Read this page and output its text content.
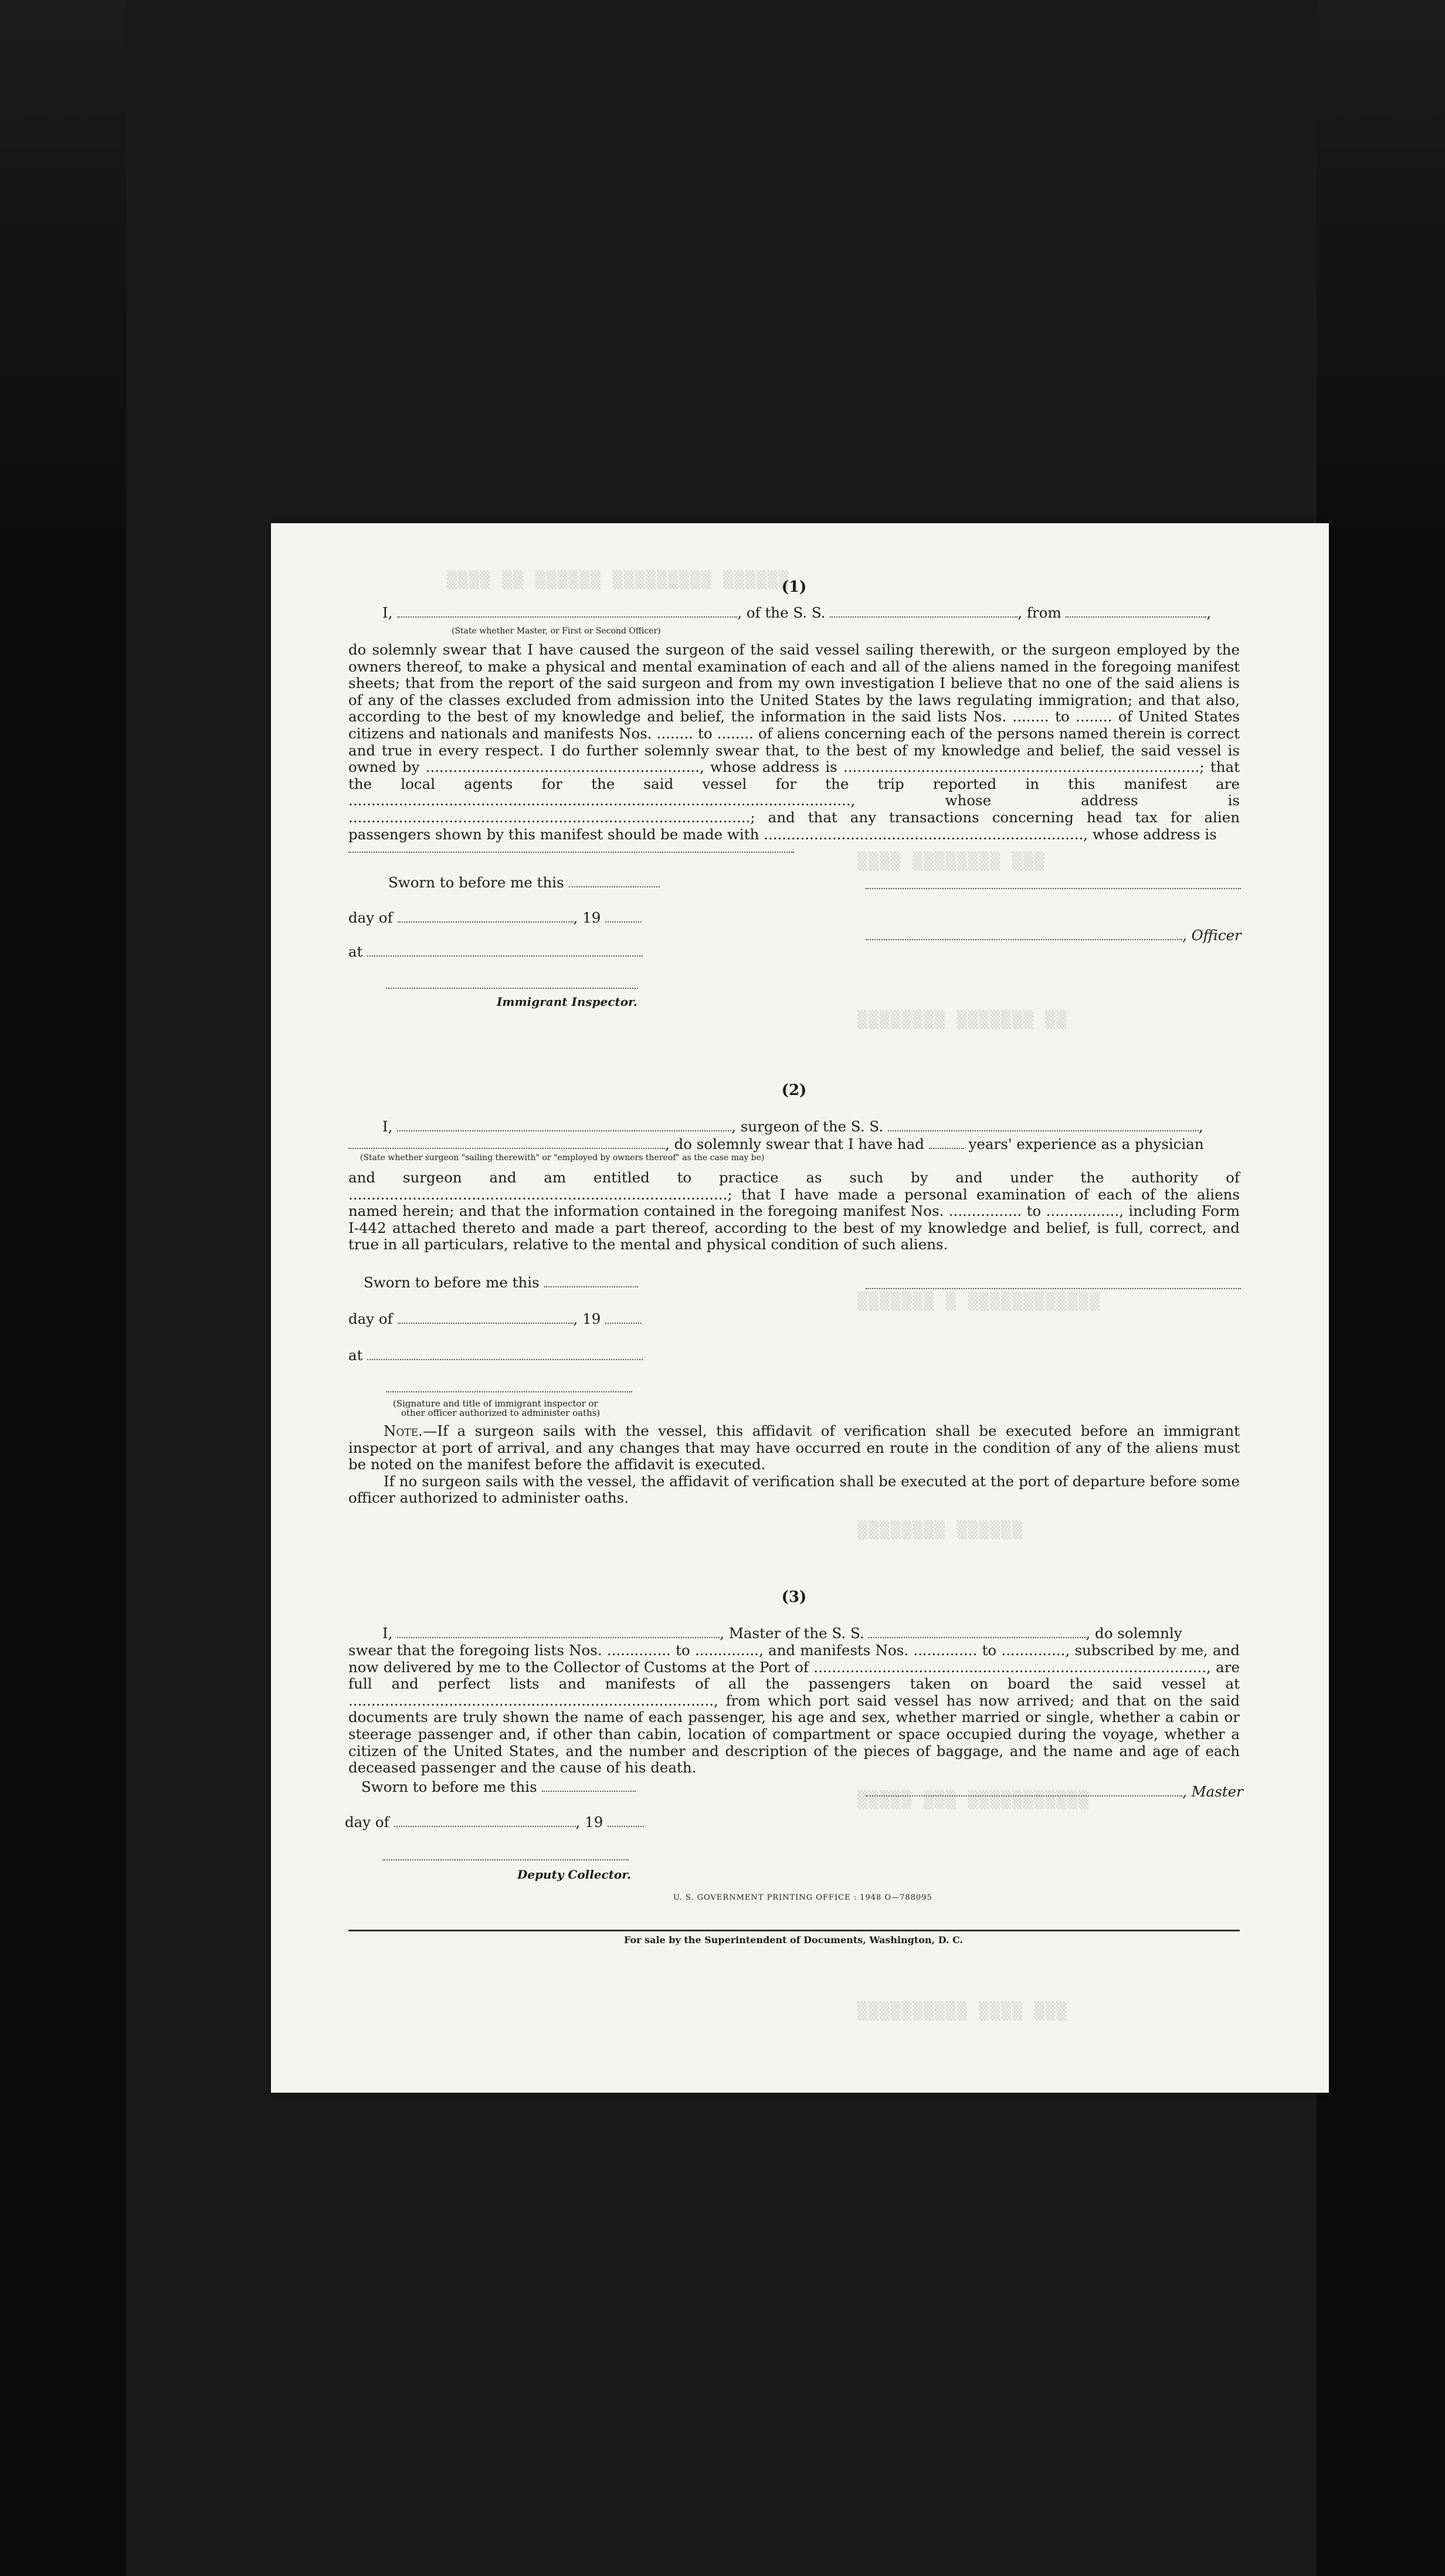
▒▒▒▒ ▒▒ ▒▒▒▒▒▒ ▒▒▒▒▒▒▒▒▒ ▒▒▒▒▒▒
▒▒▒▒ ▒▒▒▒▒▒▒▒ ▒▒▒
▒▒▒▒▒▒▒▒ ▒▒▒▒▒▒▒ ▒▒
▒▒▒▒▒▒▒ ▒ ▒▒▒▒▒▒▒▒▒▒▒▒
▒▒▒▒▒▒▒▒ ▒▒▒▒▒▒
▒▒▒▒▒ ▒▒▒ ▒▒▒▒▒▒▒▒▒▒▒
▒▒▒▒▒▒▒▒▒▒ ▒▒▒▒ ▒▒▒
(1)
I,	, of the S. S.	, from	,
(State whether Master, or First or Second Officer)

do solemnly swear that I have caused the surgeon of the said vessel sailing therewith, or the surgeon employed by the owners thereof, to make a physical and mental examination of each and all of the aliens named in the foregoing manifest sheets; that from the report of the said surgeon and from my own investigation I believe that no one of the said aliens is of any of the classes excluded from admission into the United States by the laws regulating immigration; and that also, according to the best of my knowledge and belief, the information in the said lists Nos. ........ to ........ of United States citizens and nationals and manifests Nos. ........ to ........ of aliens concerning each of the persons named therein is correct and true in every respect. I do further solemnly swear that, to the best of my knowledge and belief, the said vessel is owned by ............................................................, whose address is ..............................................................................; that the local agents for the said vessel for the trip reported in this manifest are .............................................................................................................., whose address is ........................................................................................; and that any transactions concerning head tax for alien passengers shown by this manifest should be made with ......................................................................, whose address is

Sworn to before me this
day of	, 19
, Officer
at
Immigrant Inspector.
(2)
I,	, surgeon of the S. S.	,
, do solemnly swear that I have had	years' experience as a physician
(State whether surgeon "sailing therewith" or "employed by owners thereof" as the case may be)

and surgeon and am entitled to practice as such by and under the authority of ...................................................................................; that I have made a personal examination of each of the aliens named herein; and that the information contained in the foregoing manifest Nos. ................ to ................, including Form I-442 attached thereto and made a part thereof, according to the best of my knowledge and belief, is full, correct, and true in all particulars, relative to the mental and physical condition of such aliens.

Sworn to before me this
day of	, 19
at
(Signature and title of immigrant inspector or
other officer authorized to administer oaths)

Note.—If a surgeon sails with the vessel, this affidavit of verification shall be executed before an immigrant inspector at port of arrival, and any changes that may have occurred en route in the condition of any of the aliens must be noted on the manifest before the affidavit is executed.

If no surgeon sails with the vessel, the affidavit of verification shall be executed at the port of departure before some officer authorized to administer oaths.

(3)
I,	, Master of the S. S.	, do solemnly

swear that the foregoing lists Nos. .............. to .............., and manifests Nos. .............. to .............., subscribed by me, and now delivered by me to the Collector of Customs at the Port of ......................................................................................, are full and perfect lists and manifests of all the passengers taken on board the said vessel at ................................................................................, from which port said vessel has now arrived; and that on the said documents are truly shown the name of each passenger, his age and sex, whether married or single, whether a cabin or steerage passenger and, if other than cabin, location of compartment or space occupied during the voyage, whether a citizen of the United States, and the number and description of the pieces of baggage, and the name and age of each deceased passenger and the cause of his death.

Sworn to before me this	, Master
day of	, 19
Deputy Collector.
U. S. GOVERNMENT PRINTING OFFICE : 1948 O—788095
For sale by the Superintendent of Documents, Washington, D. C.
